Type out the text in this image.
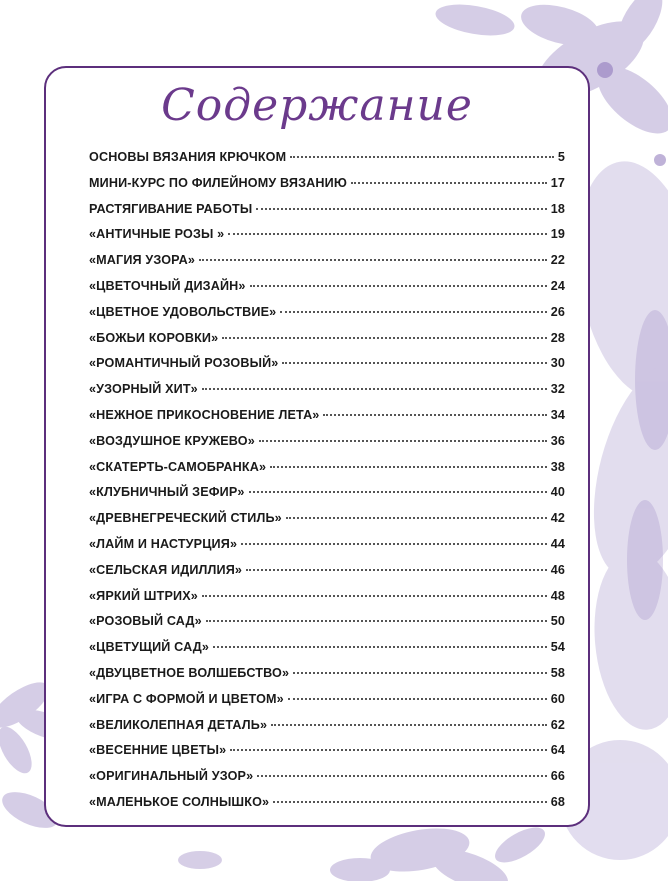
Содержание
ОСНОВЫ ВЯЗАНИЯ КРЮЧКОМ	5
МИНИ-КУРС ПО ФИЛЕЙНОМУ ВЯЗАНИЮ	17
РАСТЯГИВАНИЕ РАБОТЫ	18
«АНТИЧНЫЕ РОЗЫ »	19
«МАГИЯ УЗОРА»	22
«ЦВЕТОЧНЫЙ ДИЗАЙН»	24
«ЦВЕТНОЕ УДОВОЛЬСТВИЕ»	26
«БОЖЬИ КОРОВКИ»	28
«РОМАНТИЧНЫЙ РОЗОВЫЙ»	30
«УЗОРНЫЙ ХИТ»	32
«НЕЖНОЕ ПРИКОСНОВЕНИЕ ЛЕТА»	34
«ВОЗДУШНОЕ КРУЖЕВО»	36
«СКАТЕРТЬ-САМОБРАНКА»	38
«КЛУБНИЧНЫЙ ЗЕФИР»	40
«ДРЕВНЕГРЕЧЕСКИЙ СТИЛЬ»	42
«ЛАЙМ И НАСТУРЦИЯ»	44
«СЕЛЬСКАЯ ИДИЛЛИЯ»	46
«ЯРКИЙ ШТРИХ»	48
«РОЗОВЫЙ САД»	50
«ЦВЕТУЩИЙ САД»	54
«ДВУЦВЕТНОЕ ВОЛШЕБСТВО»	58
«ИГРА С ФОРМОЙ И ЦВЕТОМ»	60
«ВЕЛИКОЛЕПНАЯ ДЕТАЛЬ»	62
«ВЕСЕННИЕ ЦВЕТЫ»	64
«ОРИГИНАЛЬНЫЙ УЗОР»	66
«МАЛЕНЬКОЕ СОЛНЫШКО»	68
